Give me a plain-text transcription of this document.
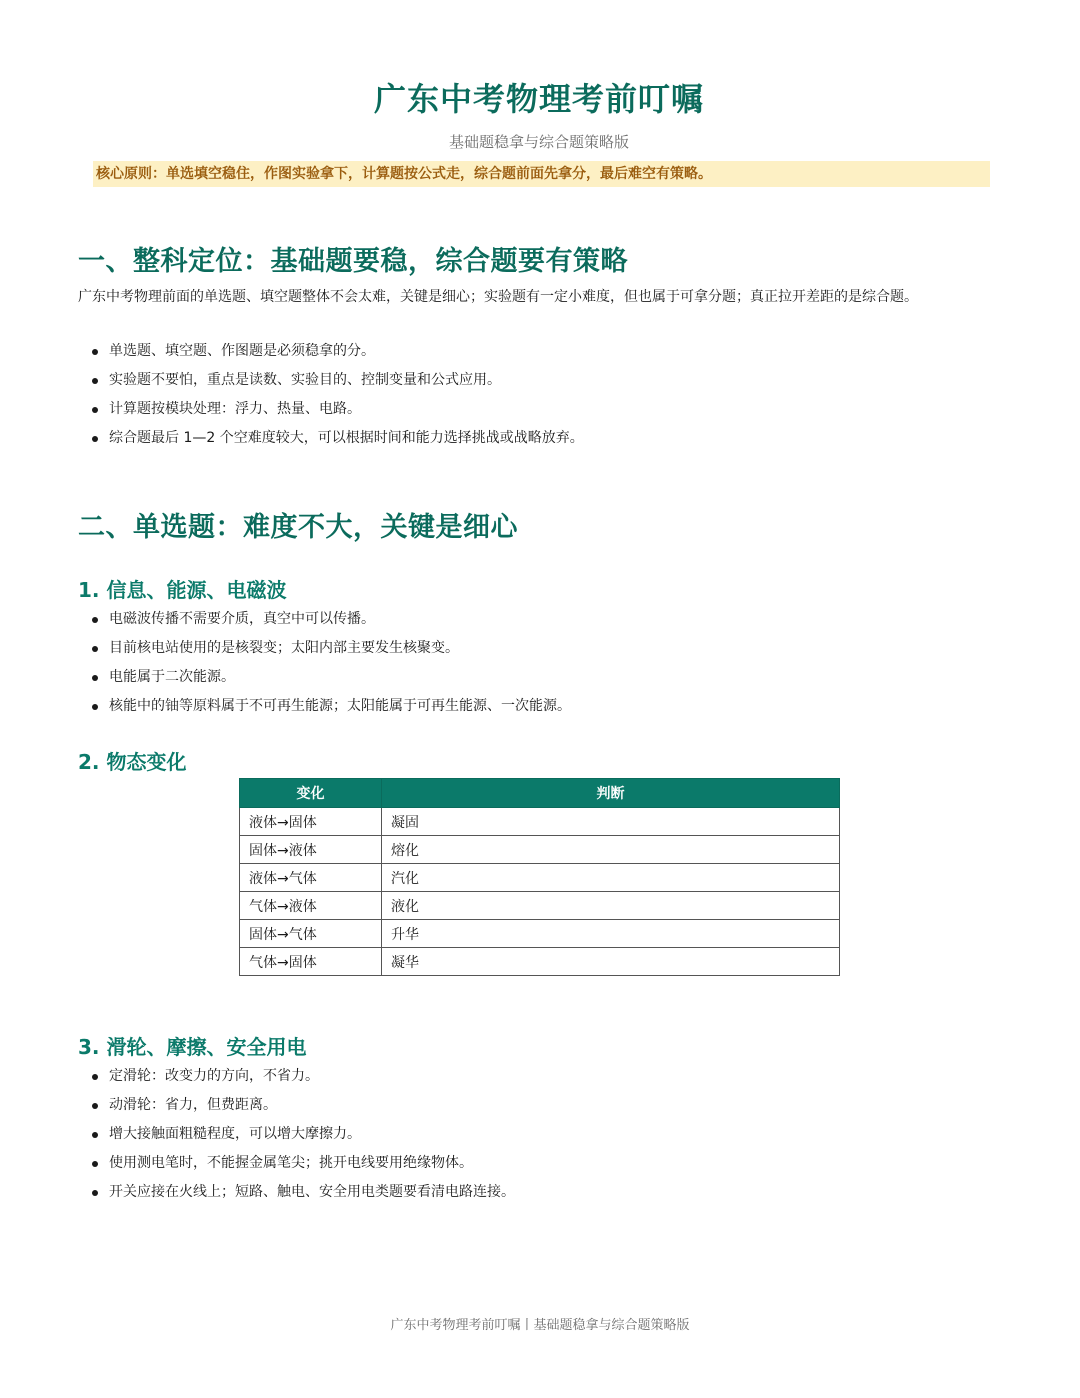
广东中考物理考前叮嘱

基础题稳拿与综合题策略版

核心原则：单选填空稳住，作图实验拿下，计算题按公式走，综合题前面先拿分，最后难空有策略。

一、整科定位：基础题要稳，综合题要有策略

广东中考物理前面的单选题、填空题整体不会太难，关键是细心；实验题有一定小难度，但也属于可拿分题；真正拉开差距的是综合题。

单选题、填空题、作图题是必须稳拿的分。
实验题不要怕，重点是读数、实验目的、控制变量和公式应用。
计算题按模块处理：浮力、热量、电路。
综合题最后 1—2 个空难度较大，可以根据时间和能力选择挑战或战略放弃。
二、单选题：难度不大，关键是细心
1. 信息、能源、电磁波
电磁波传播不需要介质，真空中可以传播。
目前核电站使用的是核裂变；太阳内部主要发生核聚变。
电能属于二次能源。
核能中的铀等原料属于不可再生能源；太阳能属于可再生能源、一次能源。
2. 物态变化
变化	判断
液体→固体	凝固
固体→液体	熔化
液体→气体	汽化
气体→液体	液化
固体→气体	升华
气体→固体	凝华
3. 滑轮、摩擦、安全用电
定滑轮：改变力的方向，不省力。
动滑轮：省力，但费距离。
增大接触面粗糙程度，可以增大摩擦力。
使用测电笔时，不能握金属笔尖；挑开电线要用绝缘物体。
开关应接在火线上；短路、触电、安全用电类题要看清电路连接。

广东中考物理考前叮嘱丨基础题稳拿与综合题策略版
